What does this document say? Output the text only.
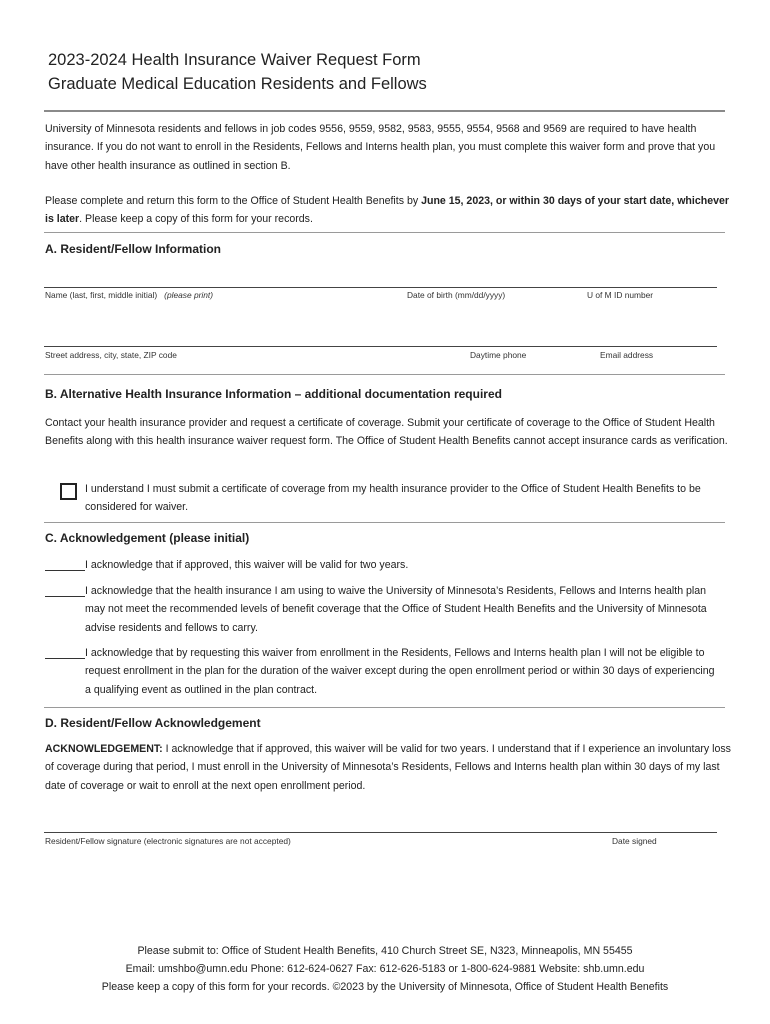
2023-2024 Health Insurance Waiver Request Form
Graduate Medical Education Residents and Fellows
University of Minnesota residents and fellows in job codes 9556, 9559, 9582, 9583, 9555, 9554, 9568 and 9569 are required to have health insurance. If you do not want to enroll in the Residents, Fellows and Interns health plan, you must complete this waiver form and prove that you have other health insurance as outlined in section B.
Please complete and return this form to the Office of Student Health Benefits by June 15, 2023, or within 30 days of your start date, whichever is later. Please keep a copy of this form for your records.
A. Resident/Fellow Information
Name (last, first, middle initial) (please print)	Date of birth (mm/dd/yyyy)	U of M ID number
Street address, city, state, ZIP code	Daytime phone	Email address
B. Alternative Health Insurance Information – additional documentation required
Contact your health insurance provider and request a certificate of coverage. Submit your certificate of coverage to the Office of Student Health Benefits along with this health insurance waiver request form. The Office of Student Health Benefits cannot accept insurance cards as verification.
I understand I must submit a certificate of coverage from my health insurance provider to the Office of Student Health Benefits to be considered for waiver.
C. Acknowledgement (please initial)
I acknowledge that if approved, this waiver will be valid for two years.
I acknowledge that the health insurance I am using to waive the University of Minnesota’s Residents, Fellows and Interns health plan may not meet the recommended levels of benefit coverage that the Office of Student Health Benefits and the University of Minnesota advise residents and fellows to carry.
I acknowledge that by requesting this waiver from enrollment in the Residents, Fellows and Interns health plan I will not be eligible to request enrollment in the plan for the duration of the waiver except during the open enrollment period or within 30 days of experiencing a qualifying event as outlined in the plan contract.
D. Resident/Fellow Acknowledgement
ACKNOWLEDGEMENT: I acknowledge that if approved, this waiver will be valid for two years. I understand that if I experience an involuntary loss of coverage during that period, I must enroll in the University of Minnesota’s Residents, Fellows and Interns health plan within 30 days of my last date of coverage or wait to enroll at the next open enrollment period.
Resident/Fellow signature (electronic signatures are not accepted)	Date signed
Please submit to: Office of Student Health Benefits, 410 Church Street SE, N323, Minneapolis, MN 55455
Email: umshbo@umn.edu Phone: 612-624-0627 Fax: 612-626-5183 or 1-800-624-9881 Website: shb.umn.edu
Please keep a copy of this form for your records. ©2023 by the University of Minnesota, Office of Student Health Benefits
